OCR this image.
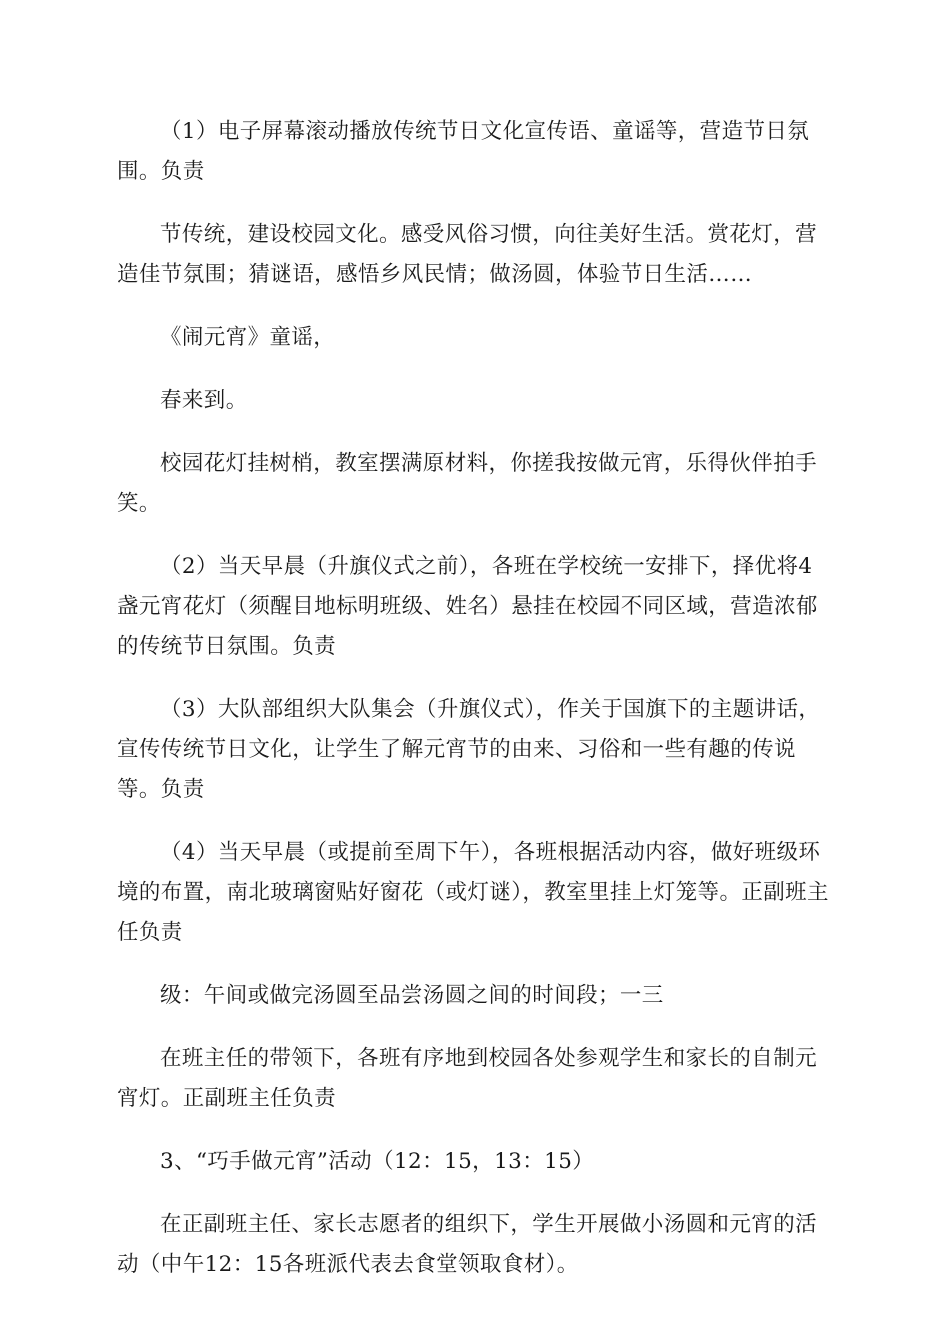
（1）电子屏幕滚动播放传统节日文化宣传语、童谣等，营造节日氛围。负责

节传统，建设校园文化。感受风俗习惯，向往美好生活。赏花灯，营造佳节氛围；猜谜语，感悟乡风民情；做汤圆，体验节日生活……

《闹元宵》童谣，

春来到。

校园花灯挂树梢，教室摆满原材料，你搓我按做元宵，乐得伙伴拍手笑。

（2）当天早晨（升旗仪式之前），各班在学校统一安排下，择优将4盏元宵花灯（须醒目地标明班级、姓名）悬挂在校园不同区域，营造浓郁的传统节日氛围。负责

（3）大队部组织大队集会（升旗仪式），作关于国旗下的主题讲话，宣传传统节日文化，让学生了解元宵节的由来、习俗和一些有趣的传说等。负责

（4）当天早晨（或提前至周下午），各班根据活动内容，做好班级环境的布置，南北玻璃窗贴好窗花（或灯谜），教室里挂上灯笼等。正副班主任负责

级：午间或做完汤圆至品尝汤圆之间的时间段；一三

在班主任的带领下，各班有序地到校园各处参观学生和家长的自制元宵灯。正副班主任负责

3、“巧手做元宵”活动（12：15，13：15）

在正副班主任、家长志愿者的组织下，学生开展做小汤圆和元宵的活动（中午12：15各班派代表去食堂领取食材）。
